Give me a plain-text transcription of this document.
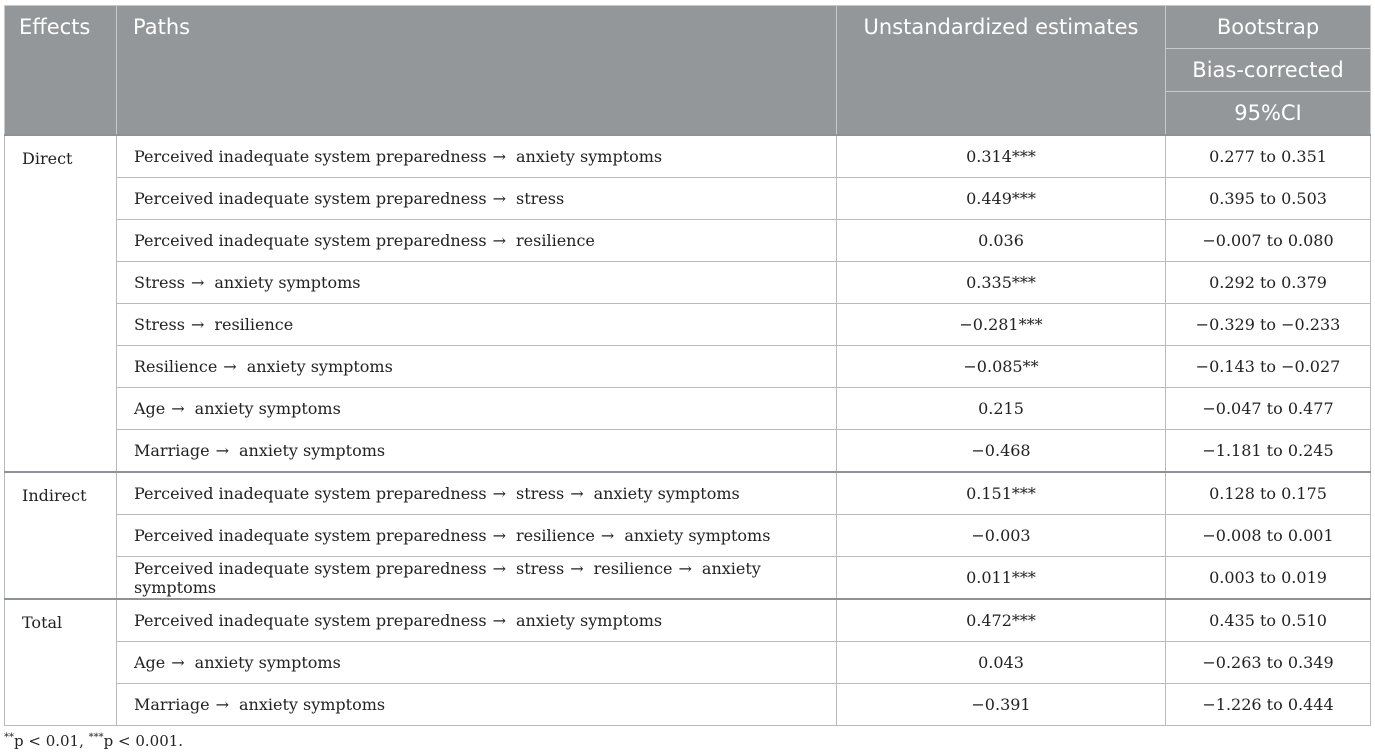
Effects	Paths	Unstandardized estimates	Bootstrap
			Bias-corrected
			95%CI
Direct	Perceived inadequate system preparedness → anxiety symptoms	0.314***	0.277 to 0.351
	Perceived inadequate system preparedness → stress	0.449***	0.395 to 0.503
	Perceived inadequate system preparedness → resilience	0.036	−0.007 to 0.080
	Stress → anxiety symptoms	0.335***	0.292 to 0.379
	Stress → resilience	−0.281***	−0.329 to −0.233
	Resilience → anxiety symptoms	−0.085**	−0.143 to −0.027
	Age → anxiety symptoms	0.215	−0.047 to 0.477
	Marriage → anxiety symptoms	−0.468	−1.181 to 0.245
Indirect	Perceived inadequate system preparedness → stress → anxiety symptoms	0.151***	0.128 to 0.175
	Perceived inadequate system preparedness → resilience → anxiety symptoms	−0.003	−0.008 to 0.001
	Perceived inadequate system preparedness → stress → resilience → anxiety symptoms	0.011***	0.003 to 0.019
Total	Perceived inadequate system preparedness → anxiety symptoms	0.472***	0.435 to 0.510
	Age → anxiety symptoms	0.043	−0.263 to 0.349
	Marriage → anxiety symptoms	−0.391	−1.226 to 0.444
**p < 0.01, ***p < 0.001.
